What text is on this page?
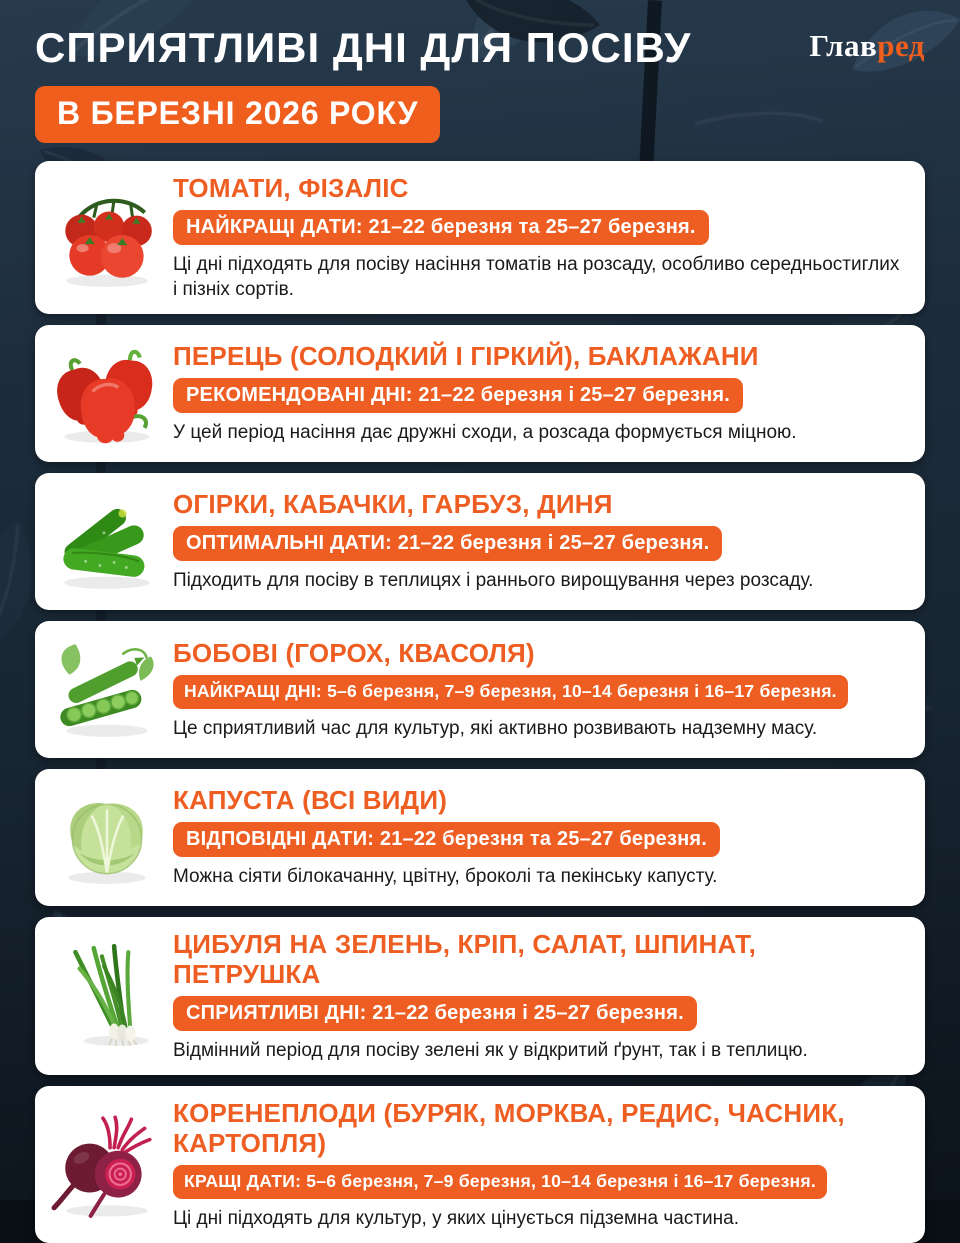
СПРИЯТЛИВІ ДНІ ДЛЯ ПОСІВУ	Главред
В БЕРЕЗНІ 2026 РОКУ
ТОМАТИ, ФІЗАЛІС
НАЙКРАЩІ ДАТИ: 21–22 березня та 25–27 березня.

Ці дні підходять для посіву насіння томатів на розсаду, особливо середньостиглих і пізніх сортів.

ПЕРЕЦЬ (СОЛОДКИЙ І ГІРКИЙ), БАКЛАЖАНИ
РЕКОМЕНДОВАНІ ДНІ: 21–22 березня і 25–27 березня.

У цей період насіння дає дружні сходи, а розсада формується міцною.

ОГІРКИ, КАБАЧКИ, ГАРБУЗ, ДИНЯ
ОПТИМАЛЬНІ ДАТИ: 21–22 березня і 25–27 березня.

Підходить для посіву в теплицях і раннього вирощування через розсаду.

БОБОВІ (ГОРОХ, КВАСОЛЯ)
НАЙКРАЩІ ДНІ: 5–6 березня, 7–9 березня, 10–14 березня і 16–17 березня.

Це сприятливий час для культур, які активно розвивають надземну масу.

КАПУСТА (ВСІ ВИДИ)
ВІДПОВІДНІ ДАТИ: 21–22 березня та 25–27 березня.

Можна сіяти білокачанну, цвітну, броколі та пекінську капусту.

ЦИБУЛЯ НА ЗЕЛЕНЬ, КРІП, САЛАТ, ШПИНАТ, ПЕТРУШКА
СПРИЯТЛИВІ ДНІ: 21–22 березня і 25–27 березня.

Відмінний період для посіву зелені як у відкритий ґрунт, так і в теплицю.

КОРЕНЕПЛОДИ (БУРЯК, МОРКВА, РЕДИС, ЧАСНИК, КАРТОПЛЯ)
КРАЩІ ДАТИ: 5–6 березня, 7–9 березня, 10–14 березня і 16–17 березня.

Ці дні підходять для культур, у яких цінується підземна частина.
